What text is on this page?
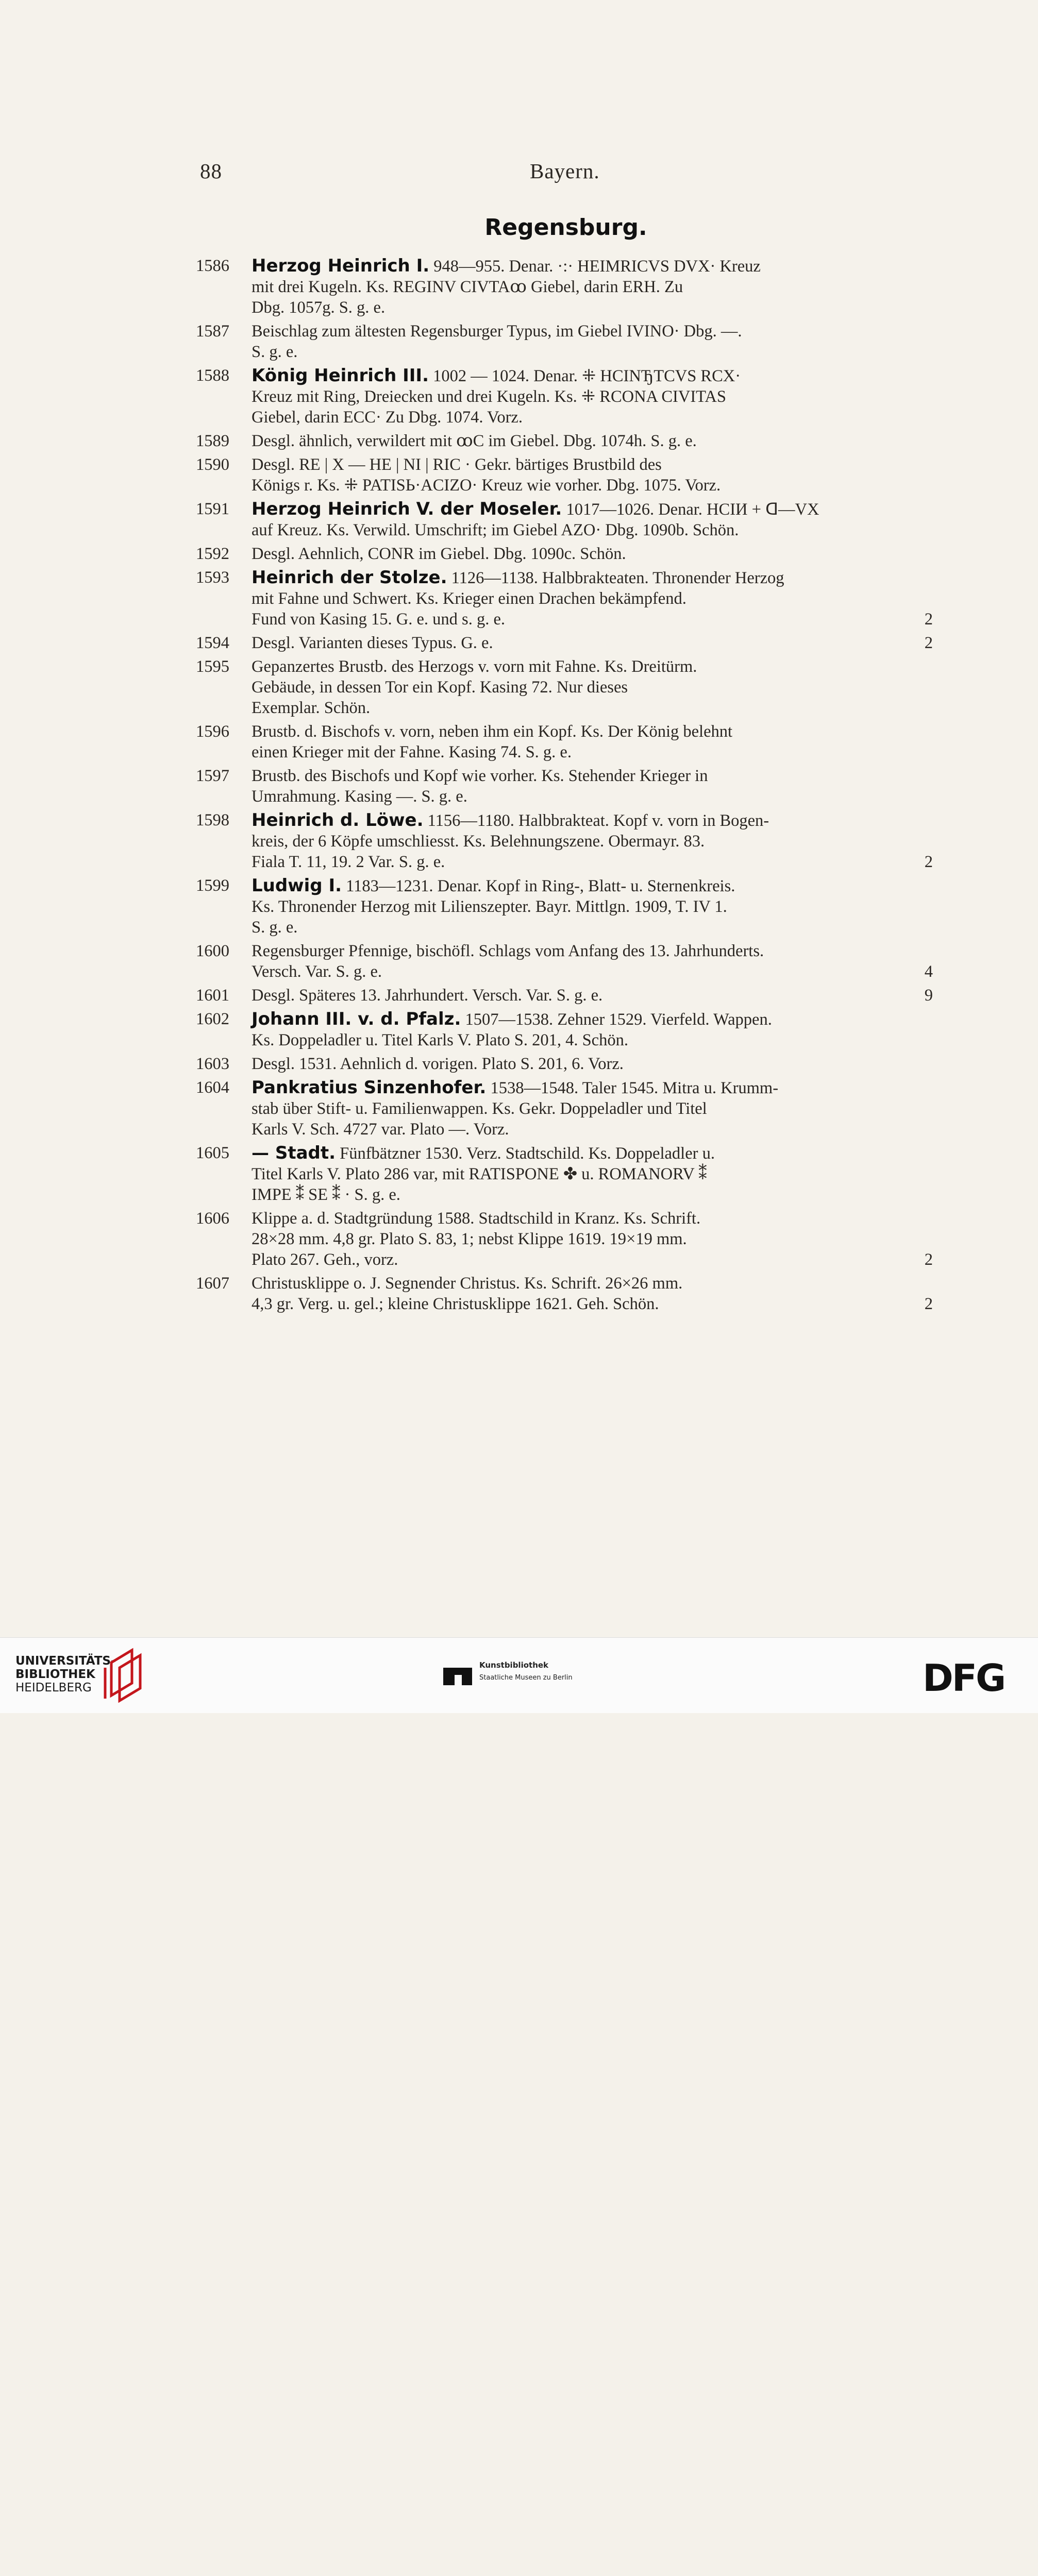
88	Bayern.
Regensburg.
1586 Herzog Heinrich I. 948—955. Denar. ·:· HEIMRICVS DVX· Kreuz
mit drei Kugeln. Ks. REGINV CIVTAꝏ Giebel, darin ERH. Zu
Dbg. 1057g. S. g. e.
1587 Beischlag zum ältesten Regensburger Typus, im Giebel IVINO· Dbg. —.
S. g. e.
1588 König Heinrich III. 1002 — 1024. Denar. ⁜ HCINЂTCVS RCX·
Kreuz mit Ring, Dreiecken und drei Kugeln. Ks. ⁜ RCONA CIVITAS
Giebel, darin ECC· Zu Dbg. 1074. Vorz.
1589 Desgl. ähnlich, verwildert mit ꝏC im Giebel. Dbg. 1074h. S. g. e.
1590 Desgl. RE | X — HE | NI | RIC · Gekr. bärtiges Brustbild des
Königs r. Ks. ⁜ PATISЬ·ACIZO· Kreuz wie vorher. Dbg. 1075. Vorz.
1591 Herzog Heinrich V. der Moseler. 1017—1026. Denar. HCIИ + ᗡ—VX
auf Kreuz. Ks. Verwild. Umschrift; im Giebel AZO· Dbg. 1090b. Schön.
1592 Desgl. Aehnlich, CONR im Giebel. Dbg. 1090c. Schön.
1593 Heinrich der Stolze. 1126—1138. Halbbrakteaten. Thronender Herzog
mit Fahne und Schwert. Ks. Krieger einen Drachen bekämpfend.
Fund von Kasing 15. G. e. und s. g. e.	2
1594 Desgl. Varianten dieses Typus. G. e.	2
1595 Gepanzertes Brustb. des Herzogs v. vorn mit Fahne. Ks. Dreitürm.
Gebäude, in dessen Tor ein Kopf. Kasing 72. Nur dieses
Exemplar. Schön.
1596 Brustb. d. Bischofs v. vorn, neben ihm ein Kopf. Ks. Der König belehnt
einen Krieger mit der Fahne. Kasing 74. S. g. e.
1597 Brustb. des Bischofs und Kopf wie vorher. Ks. Stehender Krieger in
Umrahmung. Kasing —. S. g. e.
1598 Heinrich d. Löwe. 1156—1180. Halbbrakteat. Kopf v. vorn in Bogen-
kreis, der 6 Köpfe umschliesst. Ks. Belehnungszene. Obermayr. 83.
Fiala T. 11, 19. 2 Var. S. g. e.	2
1599 Ludwig I. 1183—1231. Denar. Kopf in Ring-, Blatt- u. Sternenkreis.
Ks. Thronender Herzog mit Lilienszepter. Bayr. Mittlgn. 1909, T. IV 1.
S. g. e.
1600 Regensburger Pfennige, bischöfl. Schlags vom Anfang des 13. Jahrhunderts.
Versch. Var. S. g. e.	4
1601 Desgl. Späteres 13. Jahrhundert. Versch. Var. S. g. e.	9
1602 Johann III. v. d. Pfalz. 1507—1538. Zehner 1529. Vierfeld. Wappen.
Ks. Doppeladler u. Titel Karls V. Plato S. 201, 4. Schön.
1603 Desgl. 1531. Aehnlich d. vorigen. Plato S. 201, 6. Vorz.
1604 Pankratius Sinzenhofer. 1538—1548. Taler 1545. Mitra u. Krumm-
stab über Stift- u. Familienwappen. Ks. Gekr. Doppeladler und Titel
Karls V. Sch. 4727 var. Plato —. Vorz.
1605 — Stadt. Fünfbätzner 1530. Verz. Stadtschild. Ks. Doppeladler u.
Titel Karls V. Plato 286 var, mit RATISPONE ✤ u. ROMANORV ⁑
IMPE ⁑ SE ⁑ · S. g. e.
1606 Klippe a. d. Stadtgründung 1588. Stadtschild in Kranz. Ks. Schrift.
28×28 mm. 4,8 gr. Plato S. 83, 1; nebst Klippe 1619. 19×19 mm.
Plato 267. Geh., vorz.	2
1607 Christusklippe o. J. Segnender Christus. Ks. Schrift. 26×26 mm.
4,3 gr. Verg. u. gel.; kleine Christusklippe 1621. Geh. Schön.	2
UNIVERSITÄTS-
BIBLIOTHEK
HEIDELBERG
Kunstbibliothek
Staatliche Museen zu Berlin	DFG
